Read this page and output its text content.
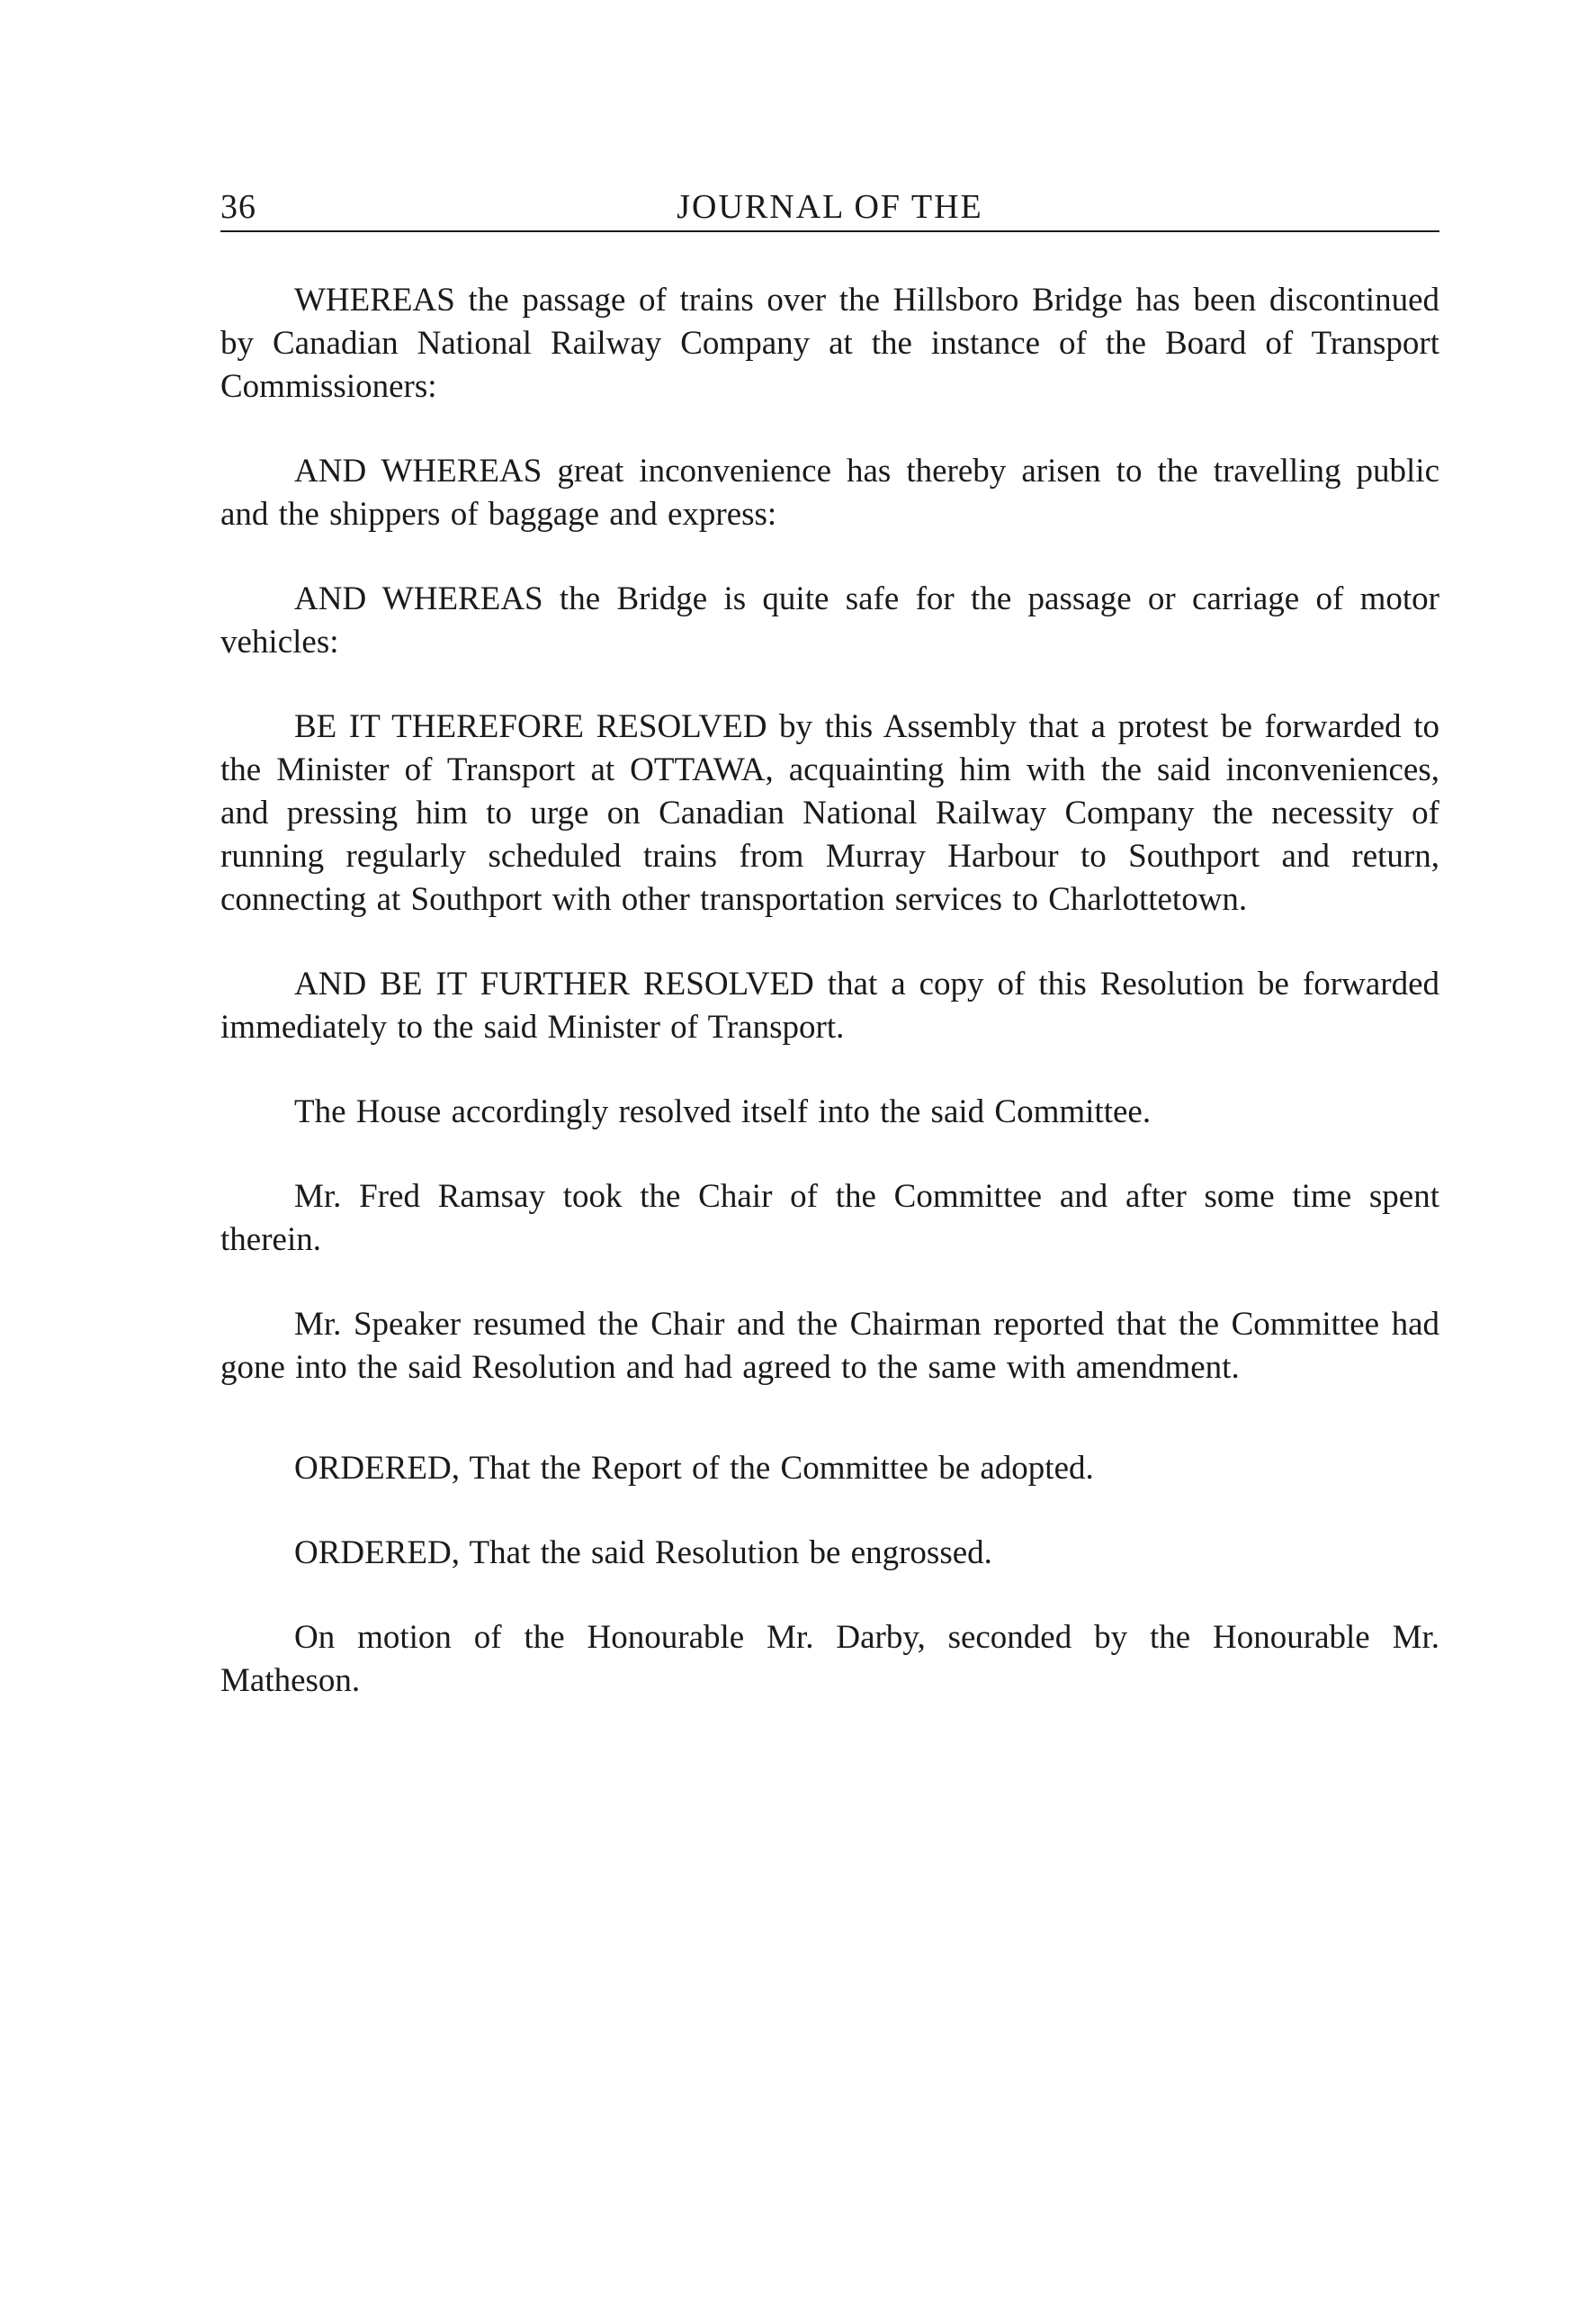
36	JOURNAL OF THE

WHEREAS the passage of trains over the Hillsboro Bridge has been discontinued by Canadian National Railway Company at the instance of the Board of Transport Commissioners:

AND WHEREAS great inconvenience has thereby arisen to the travelling public and the shippers of baggage and express:

AND WHEREAS the Bridge is quite safe for the passage or carriage of motor vehicles:

BE IT THEREFORE RESOLVED by this Assembly that a protest be forwarded to the Minister of Transport at OTTAWA, acquainting him with the said inconveniences, and pressing him to urge on Canadian National Railway Company the necessity of running regularly scheduled trains from Murray Harbour to Southport and return, connecting at Southport with other transportation services to Charlottetown.

AND BE IT FURTHER RESOLVED that a copy of this Resolution be forwarded immediately to the said Minister of Transport.

The House accordingly resolved itself into the said Committee.

Mr. Fred Ramsay took the Chair of the Committee and after some time spent therein.

Mr. Speaker resumed the Chair and the Chairman reported that the Committee had gone into the said Resolution and had agreed to the same with amendment.

ORDERED, That the Report of the Committee be adopted.

ORDERED, That the said Resolution be engrossed.

On motion of the Honourable Mr. Darby, seconded by the Honourable Mr. Matheson.
